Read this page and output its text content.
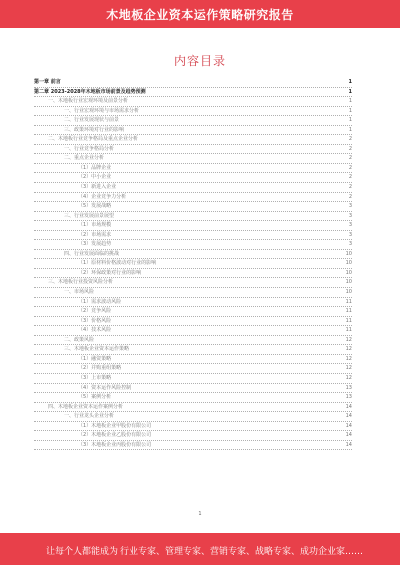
木地板企业资本运作策略研究报告
内容目录
第一章 前言	1
第二章 2023-2028年木地板市场前景及趋势预测	1
一、木地板行业宏观环境及前景分析	1
一、行业宏观环境与市场需求分析	1
二、行业发展现状与前景	1
三、政策环境对行业的影响	1
二、木地板行业竞争格局及重点企业分析	2
一、行业竞争格局分析	2
二、重点企业分析	2
（1）品牌企业	2
（2）中小企业	2
（3）新进入企业	2
（4）企业竞争力分析	2
（5）发展战略	3
三、行业发展前景展望	3
（1）市场规模	3
（2）市场需求	3
（3）发展趋势	3
四、行业发展面临的挑战	10
（1）原材料价格波动对行业的影响	10
（2）环保政策对行业的影响	10
三、木地板行业投资风险分析	10
一、市场风险	10
（1）需求波动风险	11
（2）竞争风险	11
（3）价格风险	11
（4）技术风险	11
二、政策风险	12
三、木地板企业资本运作策略	12
（1）融资策略	12
（2）并购重组策略	12
（3）上市策略	12
（4）资本运作风险控制	13
（5）案例分析	13
四、木地板企业资本运作案例分析	14
一、行业龙头企业分析	14
（1）木地板企业甲股份有限公司	14
（2）木地板企业乙股份有限公司	14
（3）木地板企业丙股份有限公司	14
1
让每个人都能成为 行业专家、管理专家、营销专家、战略专家、成功企业家……
